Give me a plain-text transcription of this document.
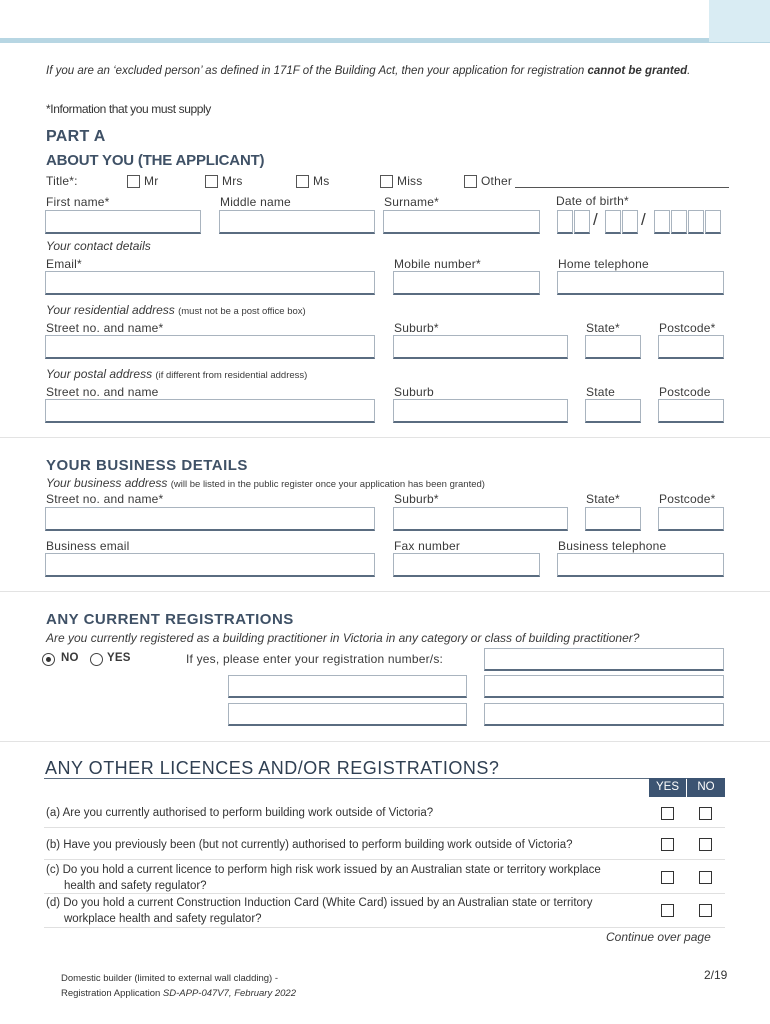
If you are an ‘excluded person’ as defined in 171F of the Building Act, then your application for registration cannot be granted.
*Information that you must supply
PART A
ABOUT YOU (THE APPLICANT)
Title*:	Mr	Mrs	Ms	Miss	Other
First name*	Middle name	Surname*	Date of birth*
/	/
Your contact details
Email*	Mobile number*	Home telephone
Your residential address (must not be a post office box)
Street no. and name*	Suburb*	State*	Postcode*
Your postal address (if different from residential address)
Street no. and name	Suburb	State	Postcode
YOUR BUSINESS DETAILS
Your business address (will be listed in the public register once your application has been granted)
Street no. and name*	Suburb*	State*	Postcode*
Business email	Fax number	Business telephone
ANY CURRENT REGISTRATIONS
Are you currently registered as a building practitioner in Victoria in any category or class of building practitioner?
NO YES	If yes, please enter your registration number/s:
ANY OTHER LICENCES AND/OR REGISTRATIONS?
YES	NO
(a) Are you currently authorised to perform building work outside of Victoria?
(b) Have you previously been (but not currently) authorised to perform building work outside of Victoria?
(c) Do you hold a current licence to perform high risk work issued by an Australian state or territory workplace
health and safety regulator?
(d) Do you hold a current Construction Induction Card (White Card) issued by an Australian state or territory
workplace health and safety regulator?
Continue over page
Domestic builder (limited to external wall cladding) -
Registration Application SD-APP-047V7, February 2022
2/19
